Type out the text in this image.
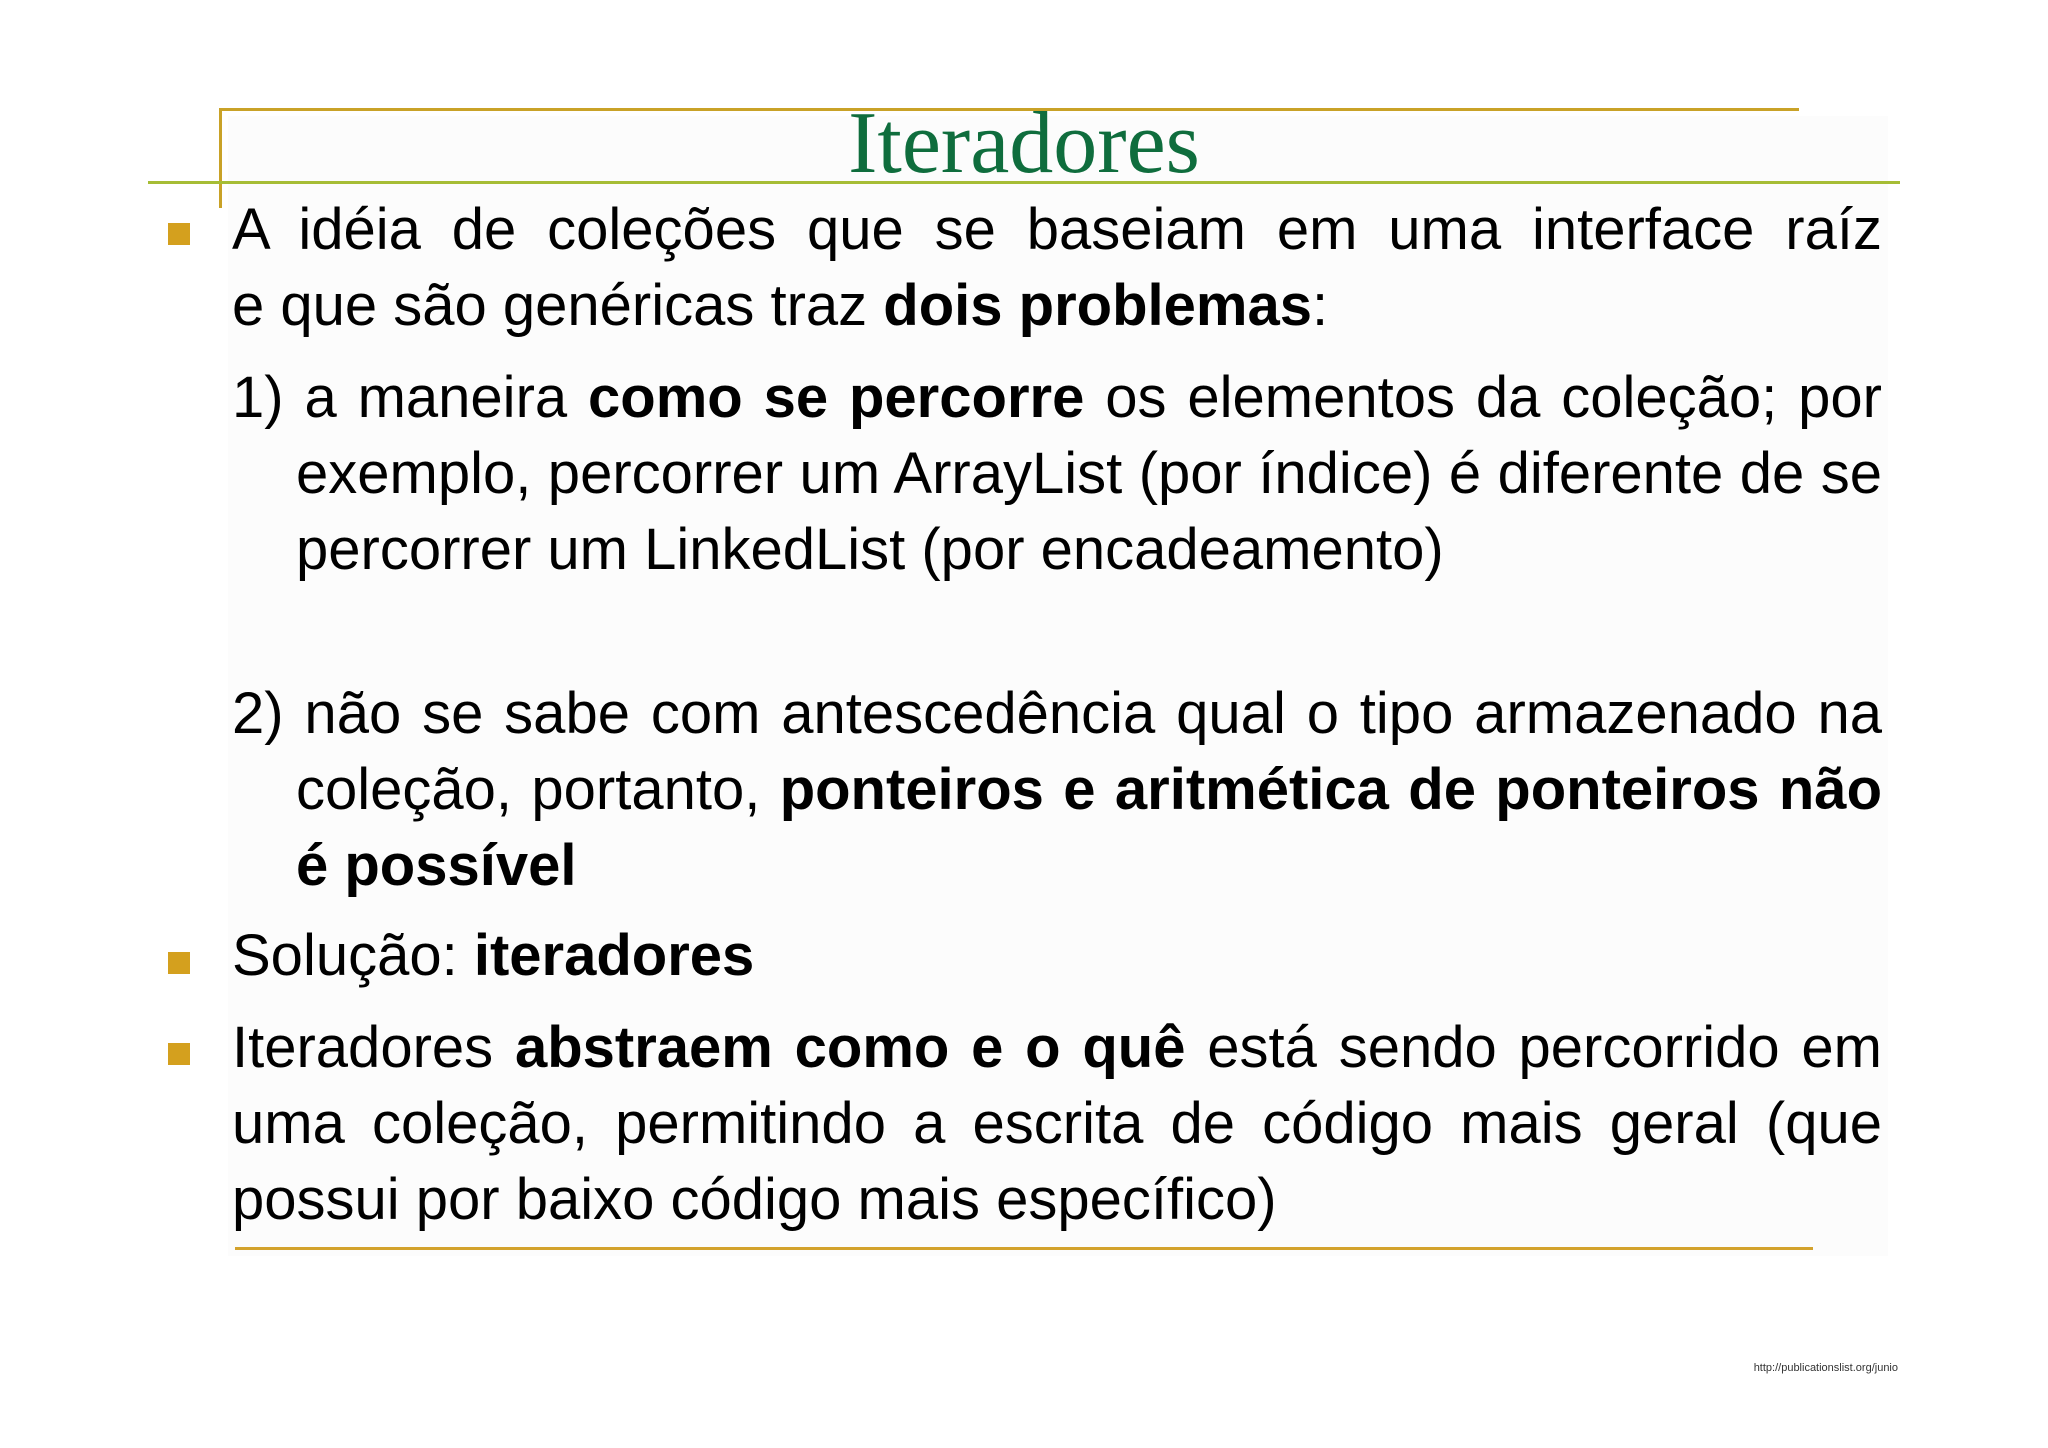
Iteradores
A idéia de coleções que se baseiam em uma interface raíz
e que são genéricas traz dois problemas:
1) a maneira como se percorre os elementos da coleção; por exemplo, percorrer um ArrayList (por índice) é diferente de se percorrer um LinkedList (por encadeamento)
2) não se sabe com antescedência qual o tipo armazenado na coleção, portanto, ponteiros e aritmética de ponteiros não é possível
Solução: iteradores
Iteradores abstraem como e o quê está sendo percorrido em uma coleção, permitindo a escrita de código mais geral (que possui por baixo código mais específico)
http://publicationslist.org/junio
